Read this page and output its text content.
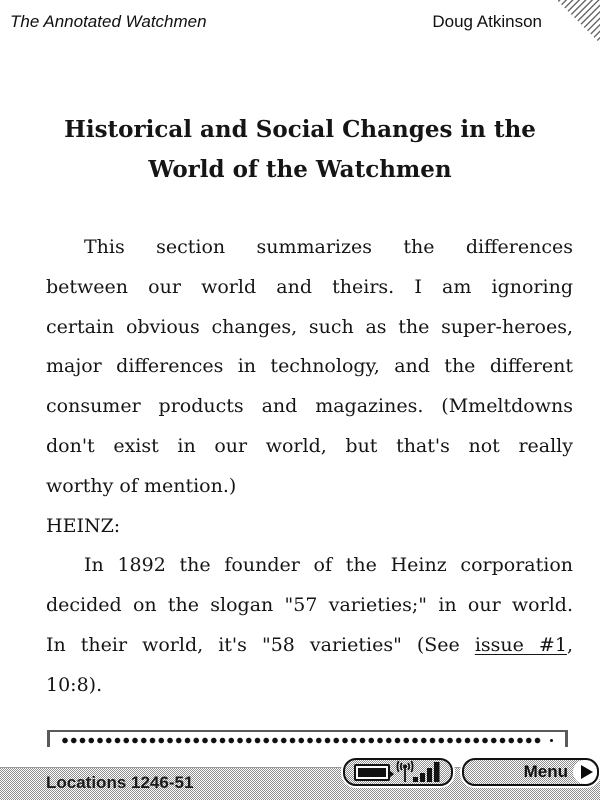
The Annotated Watchmen	Doug Atkinson
Historical and Social Changes in the
World of the Watchmen
This section summarizes the differences
between our world and theirs. I am ignoring
certain obvious changes, such as the super-heroes,
major differences in technology, and the different
consumer products and magazines. (Mmeltdowns
don't exist in our world, but that's not really
worthy of mention.)
HEINZ:
In 1892 the founder of the Heinz corporation
decided on the slogan "57 varieties;" in our world.
In their world, it's "58 varieties" (See issue #1,
10:8).
Locations 1246-51
Menu
